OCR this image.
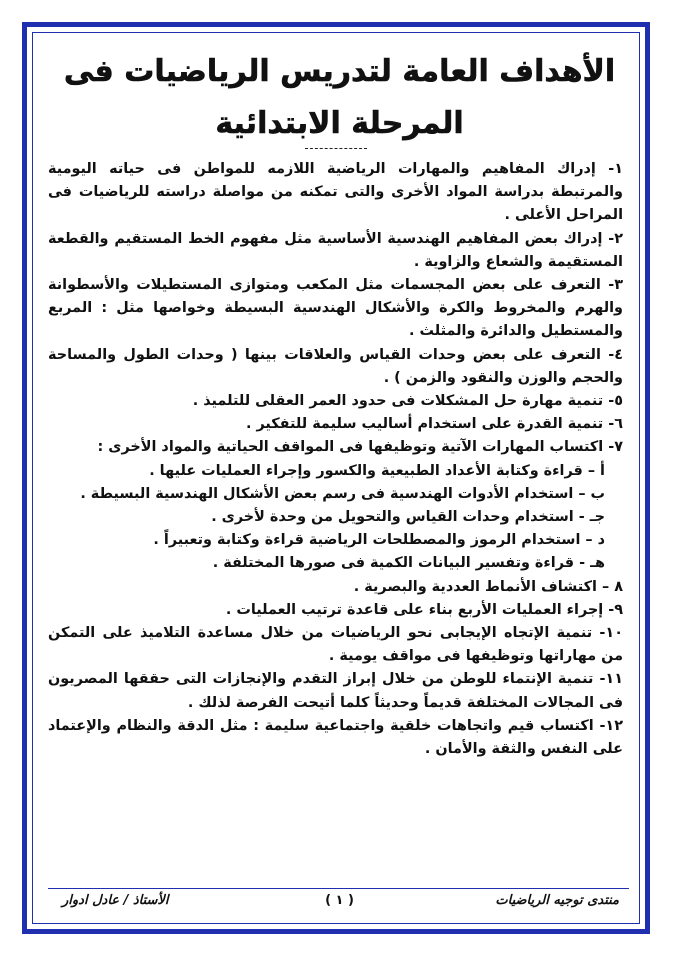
الأهداف العامة لتدريس الرياضيات فى المرحلة الابتدائية

١- إدراك المفاهيم والمهارات الرياضية اللازمه للمواطن فى حياته اليومية والمرتبطة بدراسة المواد الأخرى والتى تمكنه من مواصلة دراسته للرياضيات فى المراحل الأعلى .

٢- إدراك بعض المفاهيم الهندسية الأساسية مثل مفهوم الخط المستقيم والقطعة المستقيمة والشعاع والزاوية .

٣- التعرف على بعض المجسمات مثل المكعب ومتوازى المستطيلات والأسطوانة والهرم والمخروط والكرة والأشكال الهندسية البسيطة وخواصها مثل : المربع والمستطيل والدائرة والمثلث .

٤- التعرف على بعض وحدات القياس والعلاقات بينها ( وحدات الطول والمساحة والحجم والوزن والنقود والزمن ) .

٥- تنمية مهارة حل المشكلات فى حدود العمر العقلى للتلميذ .

٦- تنمية القدرة على استخدام أساليب سليمة للتفكير .

٧- اكتساب المهارات الآتية وتوظيفها فى المواقف الحياتية والمواد الأخرى :

أ – قراءة وكتابة الأعداد الطبيعية والكسور وإجراء العمليات عليها .

ب – استخدام الأدوات الهندسية فى رسم بعض الأشكال الهندسية البسيطة .

جـ - استخدام وحدات القياس والتحويل من وحدة لأخرى .

د – استخدام الرموز والمصطلحات الرياضية قراءة وكتابة وتعبيراً .

هـ - قراءة وتفسير البيانات الكمية فى صورها المختلفة .

٨ – اكتشاف الأنماط العددية والبصرية .

٩- إجراء العمليات الأربع بناء على قاعدة ترتيب العمليات .

١٠- تنمية الإتجاه الإيجابى نحو الرياضيات من خلال مساعدة التلاميذ على التمكن من مهاراتها وتوظيفها فى مواقف يومية .

١١- تنمية الإنتماء للوطن من خلال إبراز التقدم والإنجازات التى حققها المصريون فى المجالات المختلفة قديماً وحديثاً كلما أتيحت الفرصة لذلك .

١٢- اكتساب قيم واتجاهات خلقية واجتماعية سليمة : مثل الدقة والنظام والإعتماد على النفس والثقة والأمان .

منتدى توجيه الرياضيات
( ١ )
الأستاذ / عادل ادوار
